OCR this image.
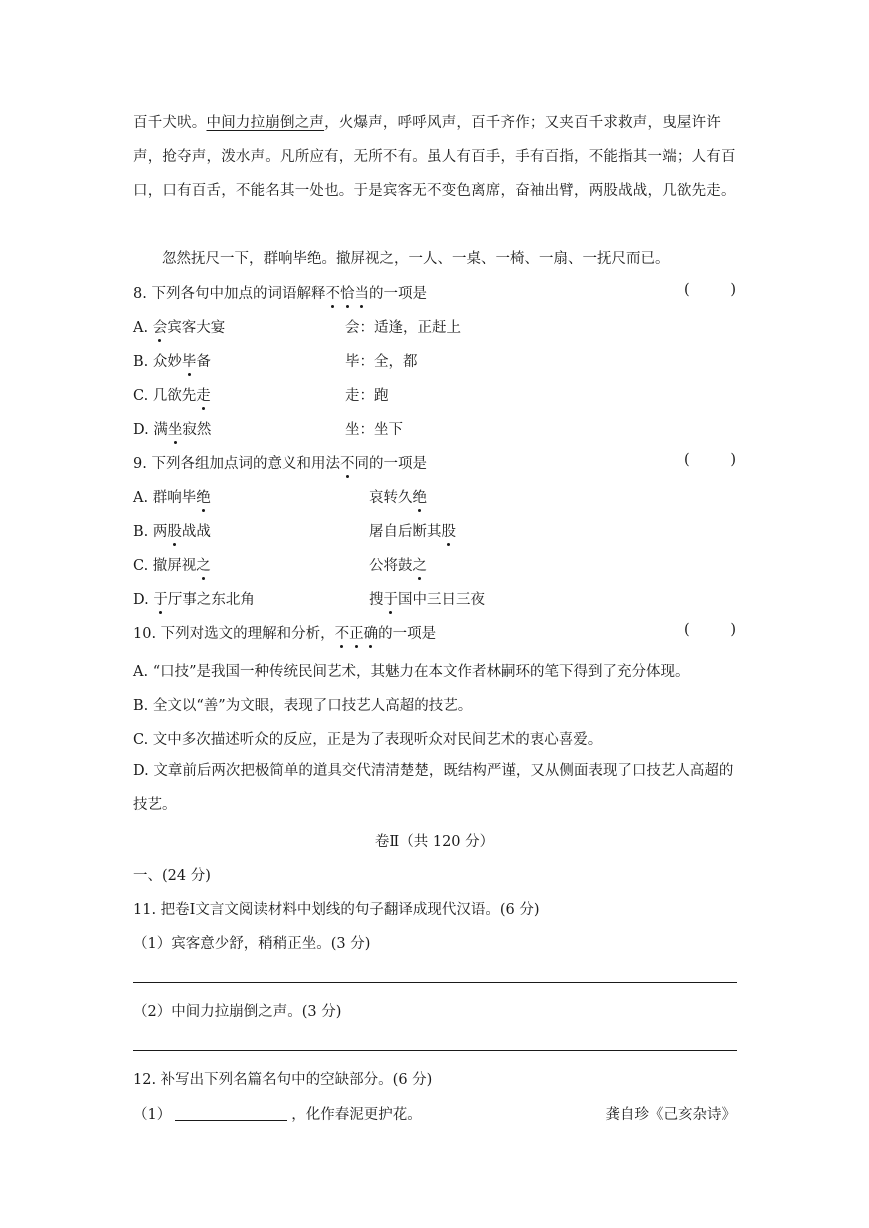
百千犬吠。中间力拉崩倒之声，火爆声，呼呼风声，百千齐作；又夹百千求救声，曳屋许许声，抢夺声，泼水声。凡所应有，无所不有。虽人有百手，手有百指，不能指其一端；人有百口，口有百舌，不能名其一处也。于是宾客无不变色离席，奋袖出臂，两股战战，几欲先走。
忽然抚尺一下，群响毕绝。撤屏视之，一人、一桌、一椅、一扇、一抚尺而已。
8. 下列各句中加点的词语解释不恰当的一项是	(	)
A. 会宾客大宴	会：适逢，正赶上
B. 众妙毕备	毕：全，都
C. 几欲先走	走：跑
D. 满坐寂然	坐：坐下
9. 下列各组加点词的意义和用法不同的一项是	(	)
A. 群响毕绝	哀转久绝
B. 两股战战	屠自后断其股
C. 撤屏视之	公将鼓之
D. 于厅事之东北角	搜于国中三日三夜
10. 下列对选文的理解和分析，不正确的一项是	(	)
A. “口技”是我国一种传统民间艺术，其魅力在本文作者林嗣环的笔下得到了充分体现。
B. 全文以“善”为文眼，表现了口技艺人高超的技艺。
C. 文中多次描述听众的反应，正是为了表现听众对民间艺术的衷心喜爱。
D. 文章前后两次把极简单的道具交代清清楚楚，既结构严谨，又从侧面表现了口技艺人高超的技艺。
卷Ⅱ（共 120 分）
一、(24 分)
11. 把卷Ⅰ文言文阅读材料中划线的句子翻译成现代汉语。(6 分)
（1）宾客意少舒，稍稍正坐。(3 分)
（2）中间力拉崩倒之声。(3 分)
12. 补写出下列名篇名句中的空缺部分。(6 分)
（1）	，化作春泥更护花。	龚自珍《己亥杂诗》
